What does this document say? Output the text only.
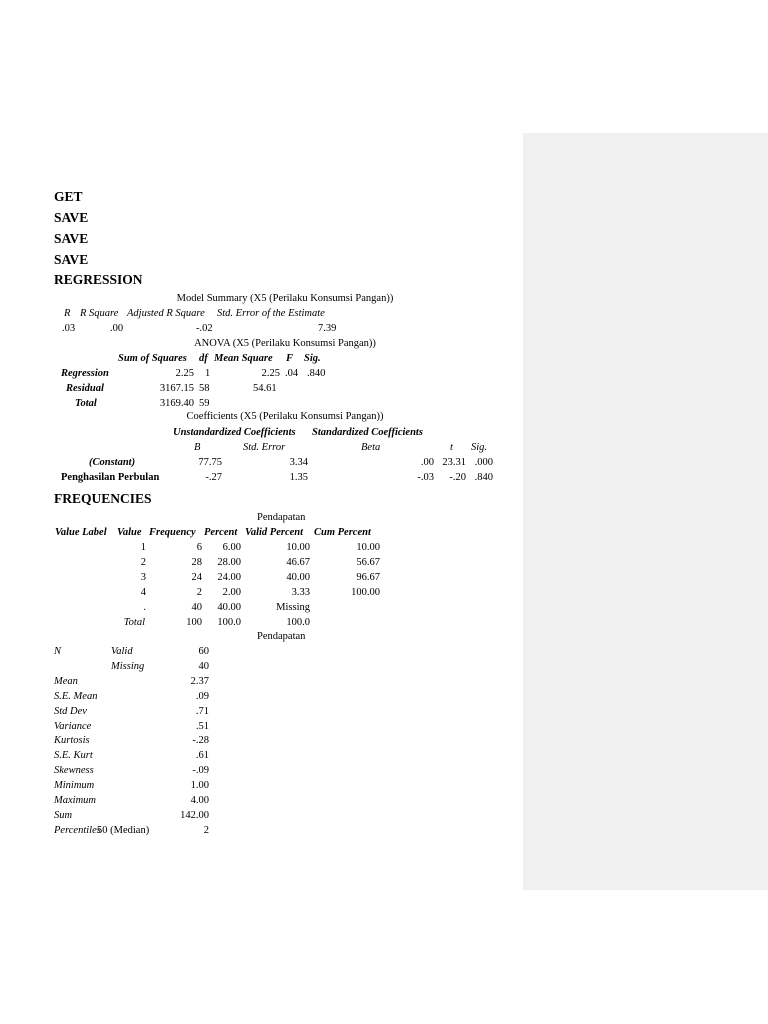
GET
SAVE
SAVE
SAVE
REGRESSION
Model Summary (X5 (Perilaku Konsumsi Pangan))
R R Square Adjusted R Square Std. Error of the Estimate
.03	.00	-.02	7.39
ANOVA (X5 (Perilaku Konsumsi Pangan))
Sum of Squares df Mean Square F Sig.
Regression	2.25 1	2.25 .04 .840
Residual	3167.15 58	54.61
Total	3169.40 59
Coefficients (X5 (Perilaku Konsumsi Pangan))
Unstandardized Coefficients Standardized Coefficients
B	Std. Error	Beta	t Sig.
(Constant)	77.75	3.34	.00 23.31 .000
Penghasilan Perbulan	-.27	1.35	-.03	-.20 .840
FREQUENCIES
Pendapatan
Value Label Value Frequency Percent Valid Percent Cum Percent
1	6	6.00	10.00	10.00
2	28	28.00	46.67	56.67
3	24	24.00	40.00	96.67
4	2	2.00	3.33	100.00
.	40	40.00	Missing
Total	100	100.0	100.0
Pendapatan
N	Valid	60
Missing	40
Mean	2.37
S.E. Mean	.09
Std Dev	.71
Variance	.51
Kurtosis	-.28
S.E. Kurt	.61
Skewness	-.09
Minimum	1.00
Maximum	4.00
Sum	142.00
Percentiles
50 (Median)	2
